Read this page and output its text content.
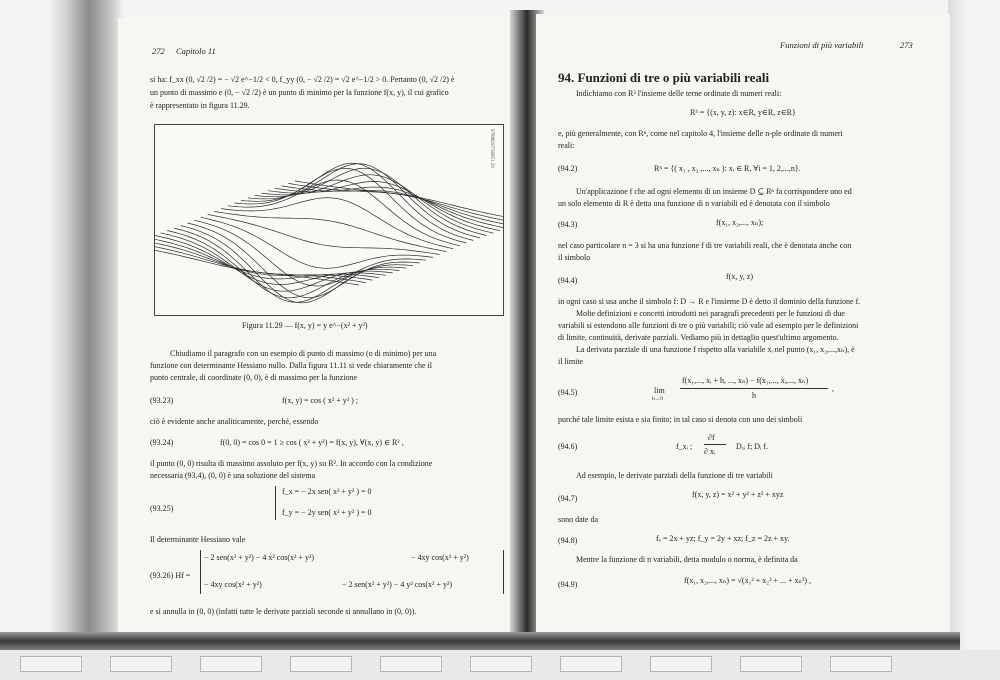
272 Capitolo 11
si ha: f_xx (0, √2 /2) = − √2 e^−1/2 < 0, f_yy (0, − √2 /2) = √2 e^−1/2 > 0. Pertanto (0, √2 /2) è
un punto di massimo e (0, − √2 /2) è un punto di minimo per la funzione f(x, y), il cui grafico
è rappresentato in figura 11.29.
9788820736851 29
Figura 11.29 — f(x, y) = y e^−(x² + y²)
Chiudiamo il paragrafo con un esempio di punto di massimo (o di minimo) per una
funzione con determinante Hessiano nullo. Dalla figura 11.11 si vede chiaramente che il
punto centrale, di coordinate (0, 0), è di massimo per la funzione
(93.23)	f(x, y) = cos ( x² + y² ) ;
ciò è evidente anche analiticamente, perché, essendo
(93.24)	f(0, 0) = cos 0 = 1 ≥ cos ( x² + y²) = f(x, y), ∀(x, y) ∈ R² ,
il punto (0, 0) risulta di massimo assoluto per f(x, y) su R². In accordo con la condizione
necessaria (93.4), (0, 0) è una soluzione del sistema
(93.25)
f_x = − 2x sen( x² + y² ) = 0
f_y = − 2y sen( x² + y² ) = 0
Il determinante Hessiano vale
(93.26) Hf =
− 2 sen(x² + y²) − 4 x² cos(x² + y²)	− 4xy cos(x² + y²)
− 4xy cos(x² + y²)	− 2 sen(x² + y²) − 4 y² cos(x² + y²)
e si annulla in (0, 0) (infatti tutte le derivate parziali seconde si annullano in (0, 0)).
Funzioni di più variabili	273
94. Funzioni di tre o più variabili reali
Indichiamo con R³ l'insieme delle terne ordinate di numeri reali:
R³ = {(x, y, z): x∈R, y∈R, z∈R}
e, più generalmente, con Rⁿ, come nel capitolo 4, l'insieme delle n-ple ordinate di numeri
reali:
(94.2)	Rⁿ = {( x₁ , x₂ ,..., xₙ ): xᵢ ∈ R, ∀i = 1, 2,...,n}.
Un'applicazione f che ad ogni elemento di un insieme D ⊆ Rⁿ fa corrispondere uno ed
un solo elemento di R è detta una funzione di n variabili ed è denotata con il simbolo
(94.3)	f(x₁, x₂,..., xₙ);
nel caso particolare n = 3 si ha una funzione f di tre variabili reali, che è denotata anche con
il simbolo
(94.4)	f(x, y, z)
in ogni caso si usa anche il simbolo f: D → R e l'insieme D è detto il dominio della funzione f.
Molte definizioni e concetti introdotti nei paragrafi precedenti per le funzioni di due
variabili si estendono alle funzioni di tre o più variabili; ciò vale ad esempio per le definizioni
di limite, continuità, derivate parziali. Vediamo più in dettaglio quest'ultimo argomento.
La derivata parziale di una funzione f rispetto alla variabile xᵢ nel punto (x₁, x₂,...,xₙ), è
il limite
(94.5)	lim
h→0
f(x₁,..., xᵢ + h, ..., xₙ) − f(x₁,..., xᵢ,..., xₙ)
h
,
purché tale limite esista e sia finito; in tal caso si denota con uno dei simboli
(94.6)	f_xᵢ ;
∂f
∂ xᵢ
Dₓᵢ f; Dᵢ f.
Ad esempio, le derivate parziali della funzione di tre variabili
(94.7)	f(x, y, z) = x² + y² + z² + xyz
sono date da
(94.8)	fₓ = 2x + yz; f_y = 2y + xz; f_z = 2z + xy.
Mentre la funzione di n variabili, detta modulo o norma, è definita da
(94.9)	f(x₁, x₂,..., xₙ) = √(x₁² + x₂² + ... + xₙ²) ,
